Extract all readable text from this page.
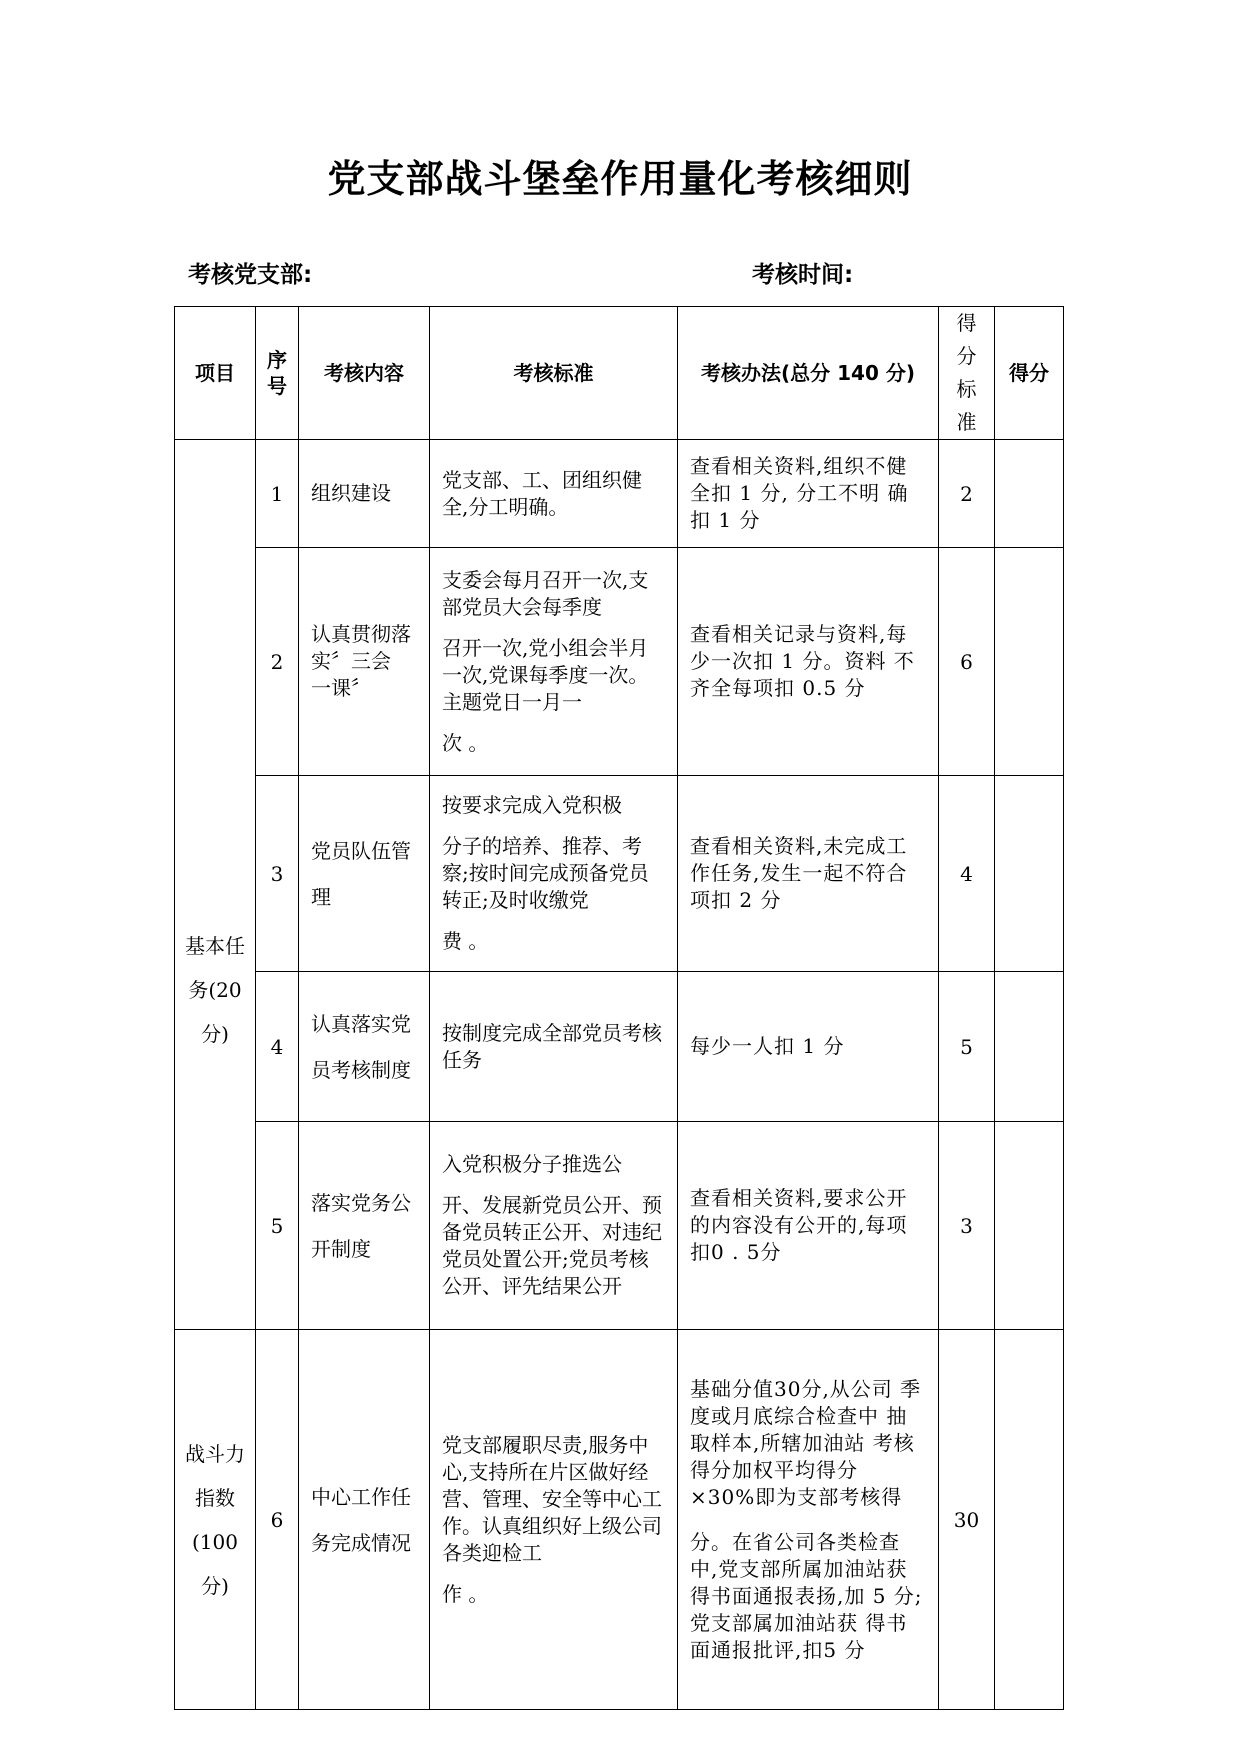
党支部战斗堡垒作用量化考核细则
考核党支部:	考核时间:
项目	序号	考核内容	考核标准	考核办法(总分 140 分)	得分标准	得分
基本任务(20分)	1	组织建设	党支部、工、团组织健全,分工明确。	查看相关资料,组织不健全扣 1 分, 分工不明 确 扣 1 分	2	
	2	认真贯彻落实〞三会 一课〞	支委会每月召开一次,支部党员大会每季度
召开一次,党小组会半月一次,党课每季度一次。主题党日一月一
次 。	查看相关记录与资料,每少一次扣 1 分。资料 不齐全每项扣 0.5 分	6	
	3	党员队伍管理	按要求完成入党积极
分子的培养、推荐、考察;按时间完成预备党员转正;及时收缴党
费 。	查看相关资料,未完成工作任务,发生一起不符合项扣 2 分	4	
	4	认真落实党员考核制度	按制度完成全部党员考核任务	每少一人扣 1 分	5	
	5	落实党务公开制度	入党积极分子推选公
开、发展新党员公开、预备党员转正公开、对违纪党员处置公开;党员考核公开、评先结果公开	查看相关资料,要求公开的内容没有公开的,每项扣0 . 5分	3	
战斗力指数(100分)	6	中心工作任务完成情况	党支部履职尽责,服务中心,支持所在片区做好经营、管理、安全等中心工作。认真组织好上级公司各类迎检工
作 。	基础分值30分,从公司 季度或月底综合检查中 抽取样本,所辖加油站 考核得分加权平均得分 ×30%即为支部考核得
分。在省公司各类检查中,党支部所属加油站获得书面通报表扬,加 5 分;党支部属加油站获 得书面通报批评,扣5 分	30	
